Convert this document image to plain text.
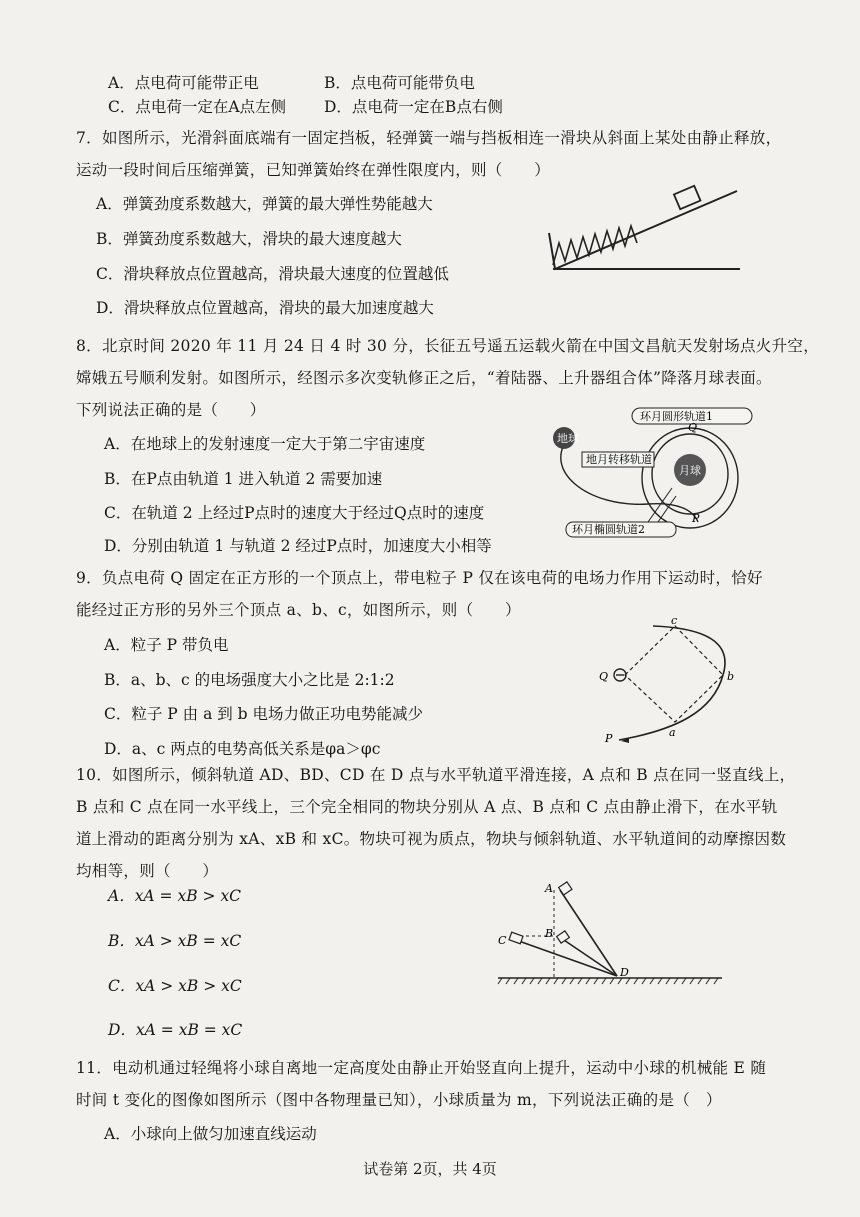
A．点电荷可能带正电	B．点电荷可能带负电
C．点电荷一定在A点左侧 D．点电荷一定在B点右侧
7．如图所示，光滑斜面底端有一固定挡板，轻弹簧一端与挡板相连一滑块从斜面上某处由静止释放，
运动一段时间后压缩弹簧，已知弹簧始终在弹性限度内，则（　　）
A．弹簧劲度系数越大，弹簧的最大弹性势能越大
B．弹簧劲度系数越大，滑块的最大速度越大
C．滑块释放点位置越高，滑块最大速度的位置越低
D．滑块释放点位置越高，滑块的最大加速度越大
8．北京时间 2020 年 11 月 24 日 4 时 30 分，长征五号遥五运载火箭在中国文昌航天发射场点火升空，
嫦娥五号顺利发射。如图所示，经图示多次变轨修正之后，“着陆器、上升器组合体”降落月球表面。
下列说法正确的是（　　）
A．在地球上的发射速度一定大于第二宇宙速度
B．在P点由轨道 1 进入轨道 2 需要加速
C．在轨道 2 上经过P点时的速度大于经过Q点时的速度
D．分别由轨道 1 与轨道 2 经过P点时，加速度大小相等
地球
月球
环月圆形轨道1
地月转移轨道
环月椭圆轨道2
Q
P
9．负点电荷 Q 固定在正方形的一个顶点上，带电粒子 P 仅在该电荷的电场力作用下运动时，恰好
能经过正方形的另外三个顶点 a、b、c，如图所示，则（　　）
A．粒子 P 带负电
B．a、b、c 的电场强度大小之比是 2:1:2
C．粒子 P 由 a 到 b 电场力做正功电势能减少
D．a、c 两点的电势高低关系是φa＞φc
Q
c
b
a
P
10．如图所示，倾斜轨道 AD、BD、CD 在 D 点与水平轨道平滑连接，A 点和 B 点在同一竖直线上，
B 点和 C 点在同一水平线上，三个完全相同的物块分别从 A 点、B 点和 C 点由静止滑下，在水平轨
道上滑动的距离分别为 xA、xB 和 xC。物块可视为质点，物块与倾斜轨道、水平轨道间的动摩擦因数
均相等，则（　　）
A．xA = xB > xC
B．xA > xB = xC
C．xA > xB > xC
D．xA = xB = xC
A
B
C
D
11．电动机通过轻绳将小球自离地一定高度处由静止开始竖直向上提升，运动中小球的机械能 E 随
时间 t 变化的图像如图所示（图中各物理量已知），小球质量为 m，下列说法正确的是（　）
A．小球向上做匀加速直线运动
试卷第 2页，共 4页
